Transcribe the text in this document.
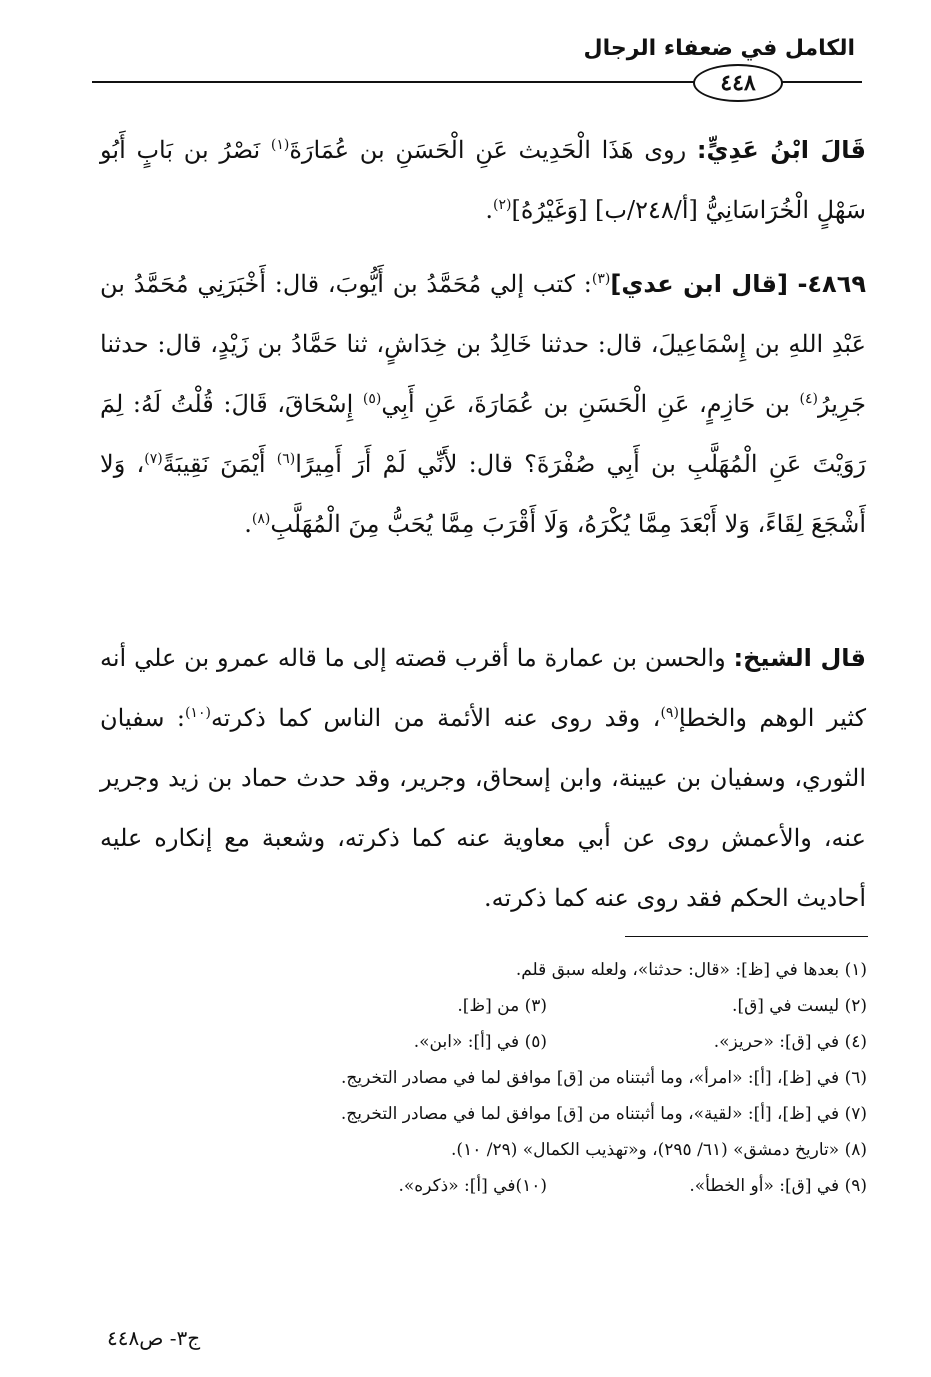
الكامل في ضعفاء الرجال
٤٤٨
قَالَ ابْنُ عَدِيٍّ: روى هَذَا الْحَدِيث عَنِ الْحَسَنِ بن عُمَارَةَ$^{(١)}$ نَصْرُ بن بَابٍ أَبُو سَهْلٍ الْخُرَاسَانِيُّ [أ/٢٤٨/ب] [وَغَيْرُهُ]$^{(٢)}$.
٤٨٦٩- [قال ابن عدي]$^{(٣)}$: كتب إلي مُحَمَّدُ بن أَيُّوبَ، قال: أَخْبَرَنِي مُحَمَّدُ بن عَبْدِ اللهِ بن إِسْمَاعِيلَ، قال: حدثنا خَالِدُ بن خِدَاشٍ، ثنا حَمَّادُ بن زَيْدٍ، قال: حدثنا جَرِيرُ$^{(٤)}$ بن حَازِمٍ، عَنِ الْحَسَنِ بن عُمَارَةَ، عَنِ أَبِي$^{(٥)}$ إِسْحَاقَ، قَالَ: قُلْتُ لَهُ: لِمَ رَوَيْتَ عَنِ الْمُهَلَّبِ بن أَبِي صُفْرَةَ؟ قال: لأَنِّي لَمْ أَرَ أَمِيرًا$^{(٦)}$ أَيْمَنَ نَقِيبَةً$^{(٧)}$، وَلا أَشْجَعَ لِقَاءً، وَلا أَبْعَدَ مِمَّا يُكْرَهُ، وَلَا أَقْرَبَ مِمَّا يُحَبُّ مِنَ الْمُهَلَّبِ$^{(٨)}$.
قال الشيخ: والحسن بن عمارة ما أقرب قصته إلى ما قاله عمرو بن علي أنه كثير الوهم والخطإ$^{(٩)}$، وقد روى عنه الأئمة من الناس كما ذكرته$^{(١٠)}$: سفيان الثوري، وسفيان بن عيينة، وابن إسحاق، وجرير، وقد حدث حماد بن زيد وجرير عنه، والأعمش روى عن أبي معاوية عنه كما ذكرته، وشعبة مع إنكاره عليه أحاديث الحكم فقد روى عنه كما ذكرته.
(١) بعدها في [ظ]: «قال: حدثنا»، ولعله سبق قلم.
(٢) ليست في [ق].
(٣) من [ظ].
(٤) في [ق]: «حريز».
(٥) في [أ]: «ابن».
(٦) في [ظ]، [أ]: «امرأ»، وما أثبتناه من [ق] موافق لما في مصادر التخريج.
(٧) في [ظ]، [أ]: «لقية»، وما أثبتناه من [ق] موافق لما في مصادر التخريج.
(٨) «تاريخ دمشق» (٦١/ ٢٩٥)، و«تهذيب الكمال» (٢٩/ ١٠).
(٩) في [ق]: «أو الخطأ».
(١٠)في [أ]: «ذكره».
ج٣- ص٤٤٨
